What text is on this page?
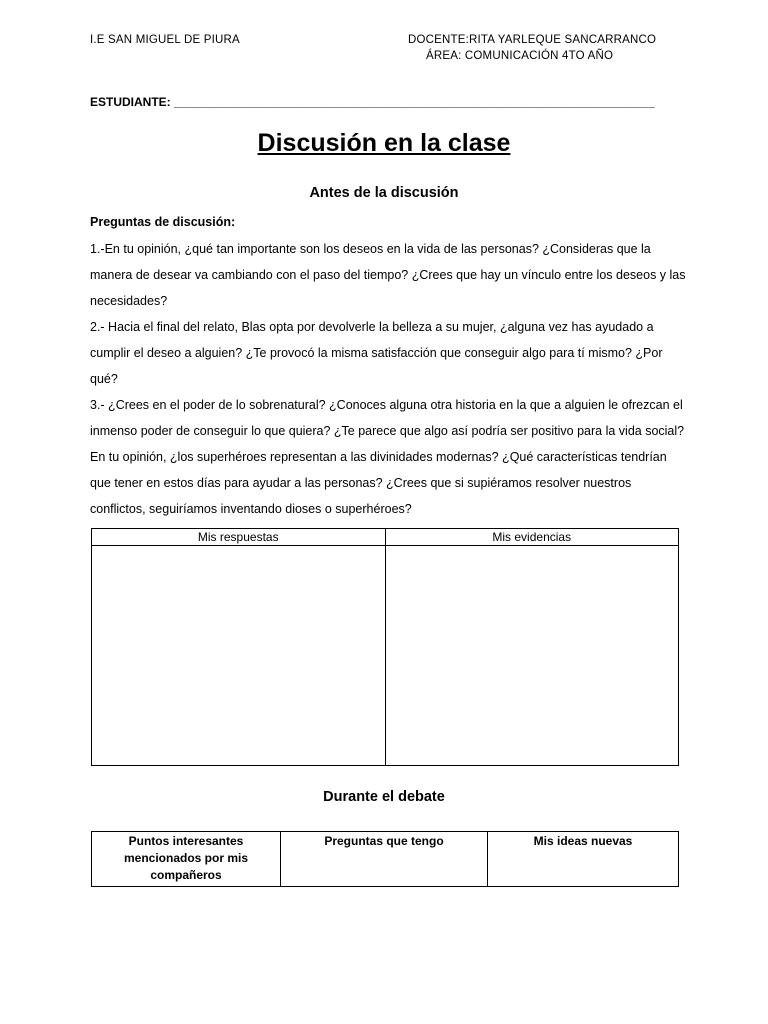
I.E SAN MIGUEL DE PIURA	DOCENTE:RITA YARLEQUE SANCARRANCO
ÁREA: COMUNICACIÓN 4TO AÑO
ESTUDIANTE: ________________________________________________________________________
Discusión en la clase
Antes de la discusión
Preguntas de discusión:

1.-En tu opinión, ¿qué tan importante son los deseos en la vida de las personas? ¿Consideras que la manera de desear va cambiando con el paso del tiempo? ¿Crees que hay un vínculo entre los deseos y las necesidades?

2.- Hacia el final del relato, Blas opta por devolverle la belleza a su mujer, ¿alguna vez has ayudado a cumplir el deseo a alguien? ¿Te provocó la misma satisfacción que conseguir algo para tí mismo? ¿Por qué?

3.- ¿Crees en el poder de lo sobrenatural? ¿Conoces alguna otra historia en la que a alguien le ofrezcan el inmenso poder de conseguir lo que quiera? ¿Te parece que algo así podría ser positivo para la vida social? En tu opinión, ¿los superhéroes representan a las divinidades modernas? ¿Qué características tendrían que tener en estos días para ayudar a las personas? ¿Crees que si supiéramos resolver nuestros conflictos, seguiríamos inventando dioses o superhéroes?

Mis respuestas	Mis evidencias

Durante el debate
Puntos interesantes mencionados por mis compañeros	Preguntas que tengo	Mis ideas nuevas
